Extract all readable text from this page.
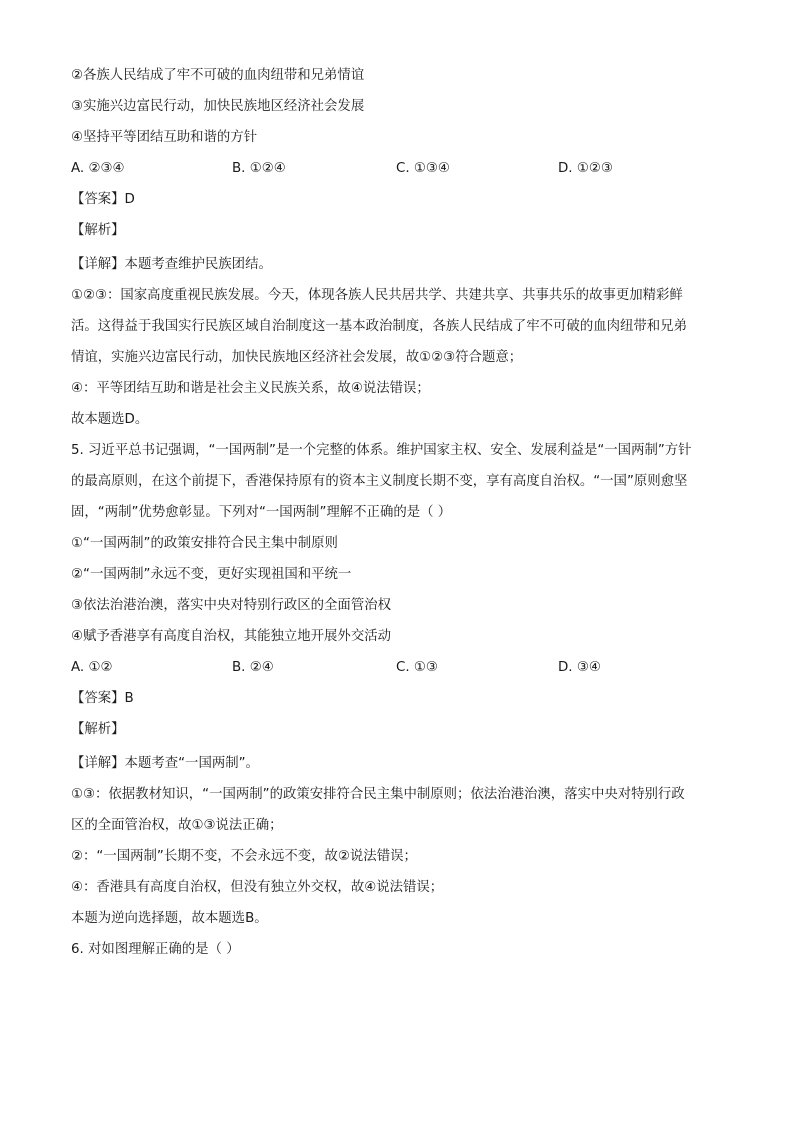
②各族人民结成了牢不可破的血肉纽带和兄弟情谊
③实施兴边富民行动，加快民族地区经济社会发展
④坚持平等团结互助和谐的方针
A. ②③④	B. ①②④	C. ①③④	D. ①②③
【答案】D
【解析】
【详解】本题考查维护民族团结。
①②③：国家高度重视民族发展。今天，体现各族人民共居共学、共建共享、共事共乐的故事更加精彩鲜
活。这得益于我国实行民族区域自治制度这一基本政治制度，各族人民结成了牢不可破的血肉纽带和兄弟
情谊，实施兴边富民行动，加快民族地区经济社会发展，故①②③符合题意；
④：平等团结互助和谐是社会主义民族关系，故④说法错误；
故本题选D。
5. 习近平总书记强调，“一国两制”是一个完整的体系。维护国家主权、安全、发展利益是“一国两制”方针
的最高原则，在这个前提下，香港保持原有的资本主义制度长期不变，享有高度自治权。“一国”原则愈坚
固，“两制”优势愈彰显。下列对“一国两制”理解不正确的是（ ）
①“一国两制”的政策安排符合民主集中制原则
②“一国两制”永远不变，更好实现祖国和平统一
③依法治港治澳，落实中央对特别行政区的全面管治权
④赋予香港享有高度自治权，其能独立地开展外交活动
A. ①②	B. ②④	C. ①③	D. ③④
【答案】B
【解析】
【详解】本题考查“一国两制”。
①③：依据教材知识，“一国两制”的政策安排符合民主集中制原则；依法治港治澳，落实中央对特别行政
区的全面管治权，故①③说法正确；
②：“一国两制”长期不变，不会永远不变，故②说法错误；
④：香港具有高度自治权，但没有独立外交权，故④说法错误；
本题为逆向选择题，故本题选B。
6. 对如图理解正确的是（ ）
